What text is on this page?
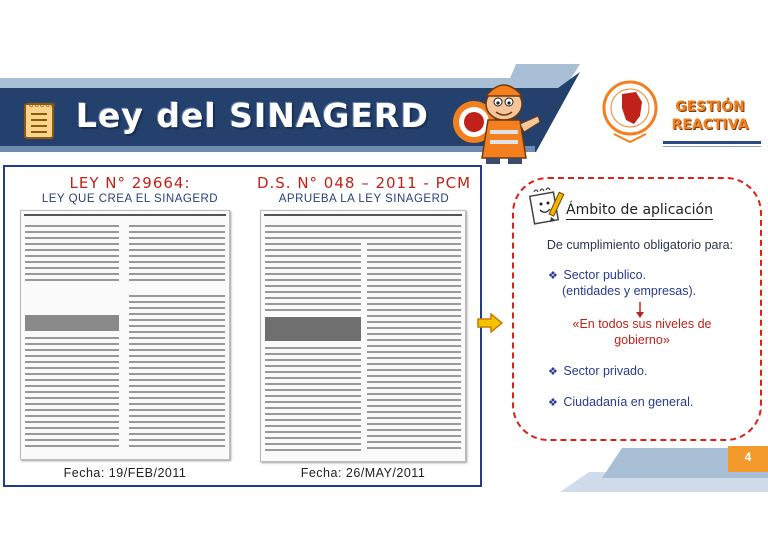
ooooo Ley del SINAGERD	GESTIÓN
REACTIVA
LEY N° 29664:
LEY QUE CREA EL SINAGERD
D.S. N° 048 – 2011 - PCM
APRUEBA LA LEY SINAGERD
Fecha: 19/FEB/2011	Fecha: 26/MAY/2011
Ámbito de aplicación
De cumplimiento obligatorio para:
❖ Sector publico.
(entidades y empresas).
«En todos sus niveles de gobierno»
❖ Sector privado.
❖ Ciudadanía en general.
4
